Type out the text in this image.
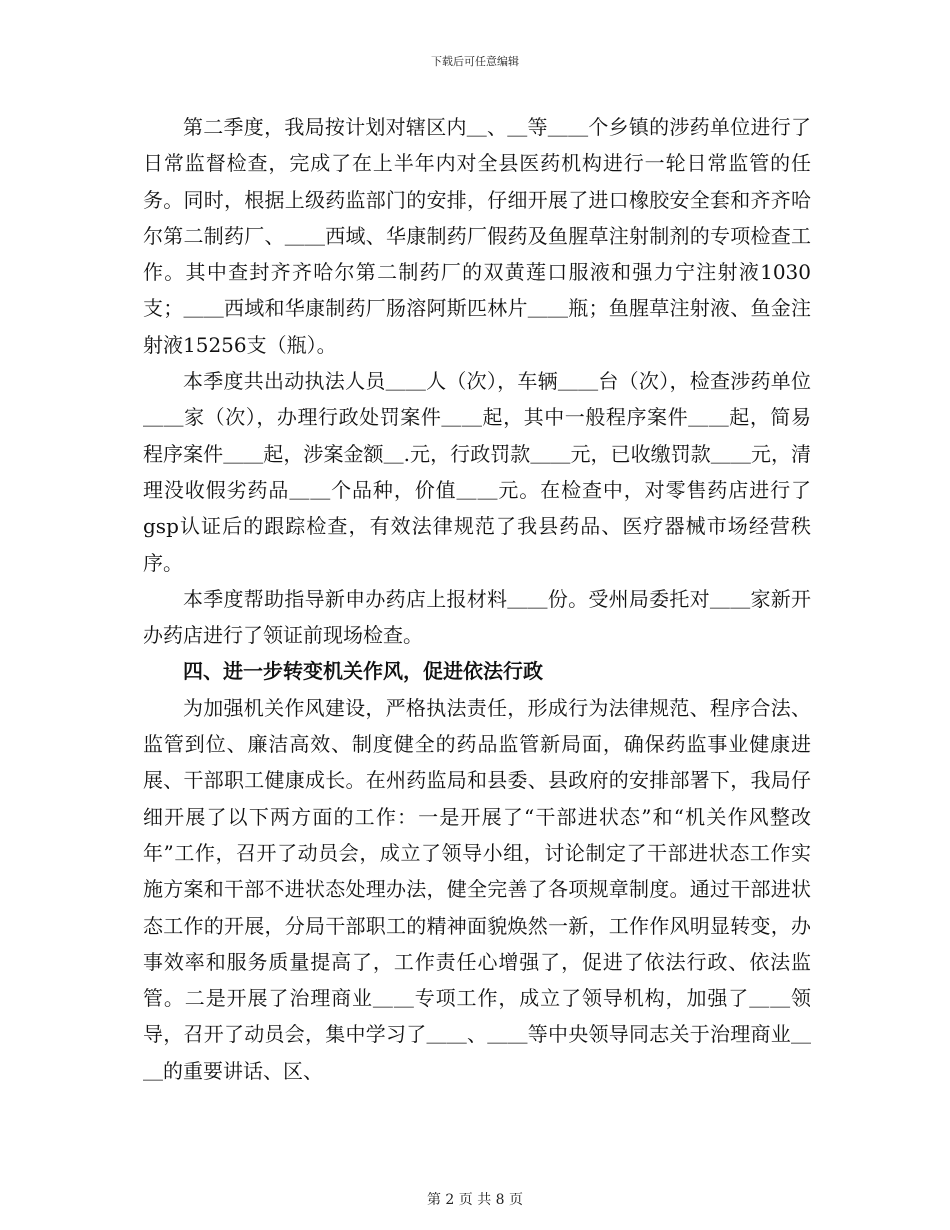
下载后可任意编辑

第二季度，我局按计划对辖区内＿、＿等＿＿个乡镇的涉药单位进行了日常监督检查，完成了在上半年内对全县医药机构进行一轮日常监管的任务。同时，根据上级药监部门的安排，仔细开展了进口橡胶安全套和齐齐哈尔第二制药厂、＿＿西域、华康制药厂假药及鱼腥草注射制剂的专项检查工作。其中查封齐齐哈尔第二制药厂的双黄莲口服液和强力宁注射液1030支；＿＿西域和华康制药厂肠溶阿斯匹林片＿＿瓶；鱼腥草注射液、鱼金注射液15256支（瓶）。

本季度共出动执法人员＿＿人（次），车辆＿＿台（次），检查涉药单位＿＿家（次），办理行政处罚案件＿＿起，其中一般程序案件＿＿起，简易程序案件＿＿起，涉案金额＿.元，行政罚款＿＿元，已收缴罚款＿＿元，清理没收假劣药品＿＿个品种，价值＿＿元。在检查中，对零售药店进行了gsp认证后的跟踪检查，有效法律规范了我县药品、医疗器械市场经营秩序。

本季度帮助指导新申办药店上报材料＿＿份。受州局委托对＿＿家新开办药店进行了领证前现场检查。

四、进一步转变机关作风，促进依法行政

为加强机关作风建设，严格执法责任，形成行为法律规范、程序合法、监管到位、廉洁高效、制度健全的药品监管新局面，确保药监事业健康进展、干部职工健康成长。在州药监局和县委、县政府的安排部署下，我局仔细开展了以下两方面的工作：一是开展了“干部进状态”和“机关作风整改年”工作，召开了动员会，成立了领导小组，讨论制定了干部进状态工作实施方案和干部不进状态处理办法，健全完善了各项规章制度。通过干部进状态工作的开展，分局干部职工的精神面貌焕然一新，工作作风明显转变，办事效率和服务质量提高了，工作责任心增强了，促进了依法行政、依法监管。二是开展了治理商业＿＿专项工作，成立了领导机构，加强了＿＿领导，召开了动员会，集中学习了＿＿、＿＿等中央领导同志关于治理商业＿＿的重要讲话、区、

第 2 页 共 8 页
